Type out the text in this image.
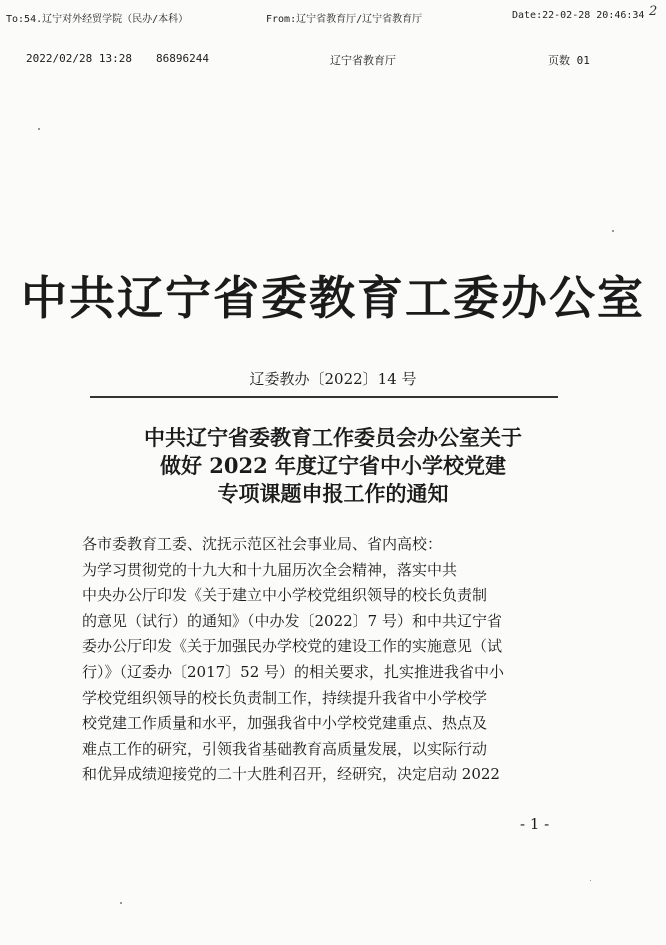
To:54.辽宁对外经贸学院（民办/本科）	From:辽宁省教育厅/辽宁省教育厅	Date:22-02-28 20:46:34 2
2022/02/28 13:28 86896244	辽宁省教育厅	页数 01
中共辽宁省委教育工委办公室
辽委教办〔2022〕14 号
中共辽宁省委教育工作委员会办公室关于
做好 2022 年度辽宁省中小学校党建
专项课题申报工作的通知
各市委教育工委、沈抚示范区社会事业局、省内高校：
为学习贯彻党的十九大和十九届历次全会精神，落实中共
中央办公厅印发《关于建立中小学校党组织领导的校长负责制
的意见（试行）的通知》（中办发〔2022〕7 号）和中共辽宁省
委办公厅印发《关于加强民办学校党的建设工作的实施意见（试
行）》（辽委办〔2017〕52 号）的相关要求，扎实推进我省中小
学校党组织领导的校长负责制工作，持续提升我省中小学校学
校党建工作质量和水平，加强我省中小学校党建重点、热点及
难点工作的研究，引领我省基础教育高质量发展，以实际行动
和优异成绩迎接党的二十大胜利召开，经研究，决定启动 2022
- 1 -
